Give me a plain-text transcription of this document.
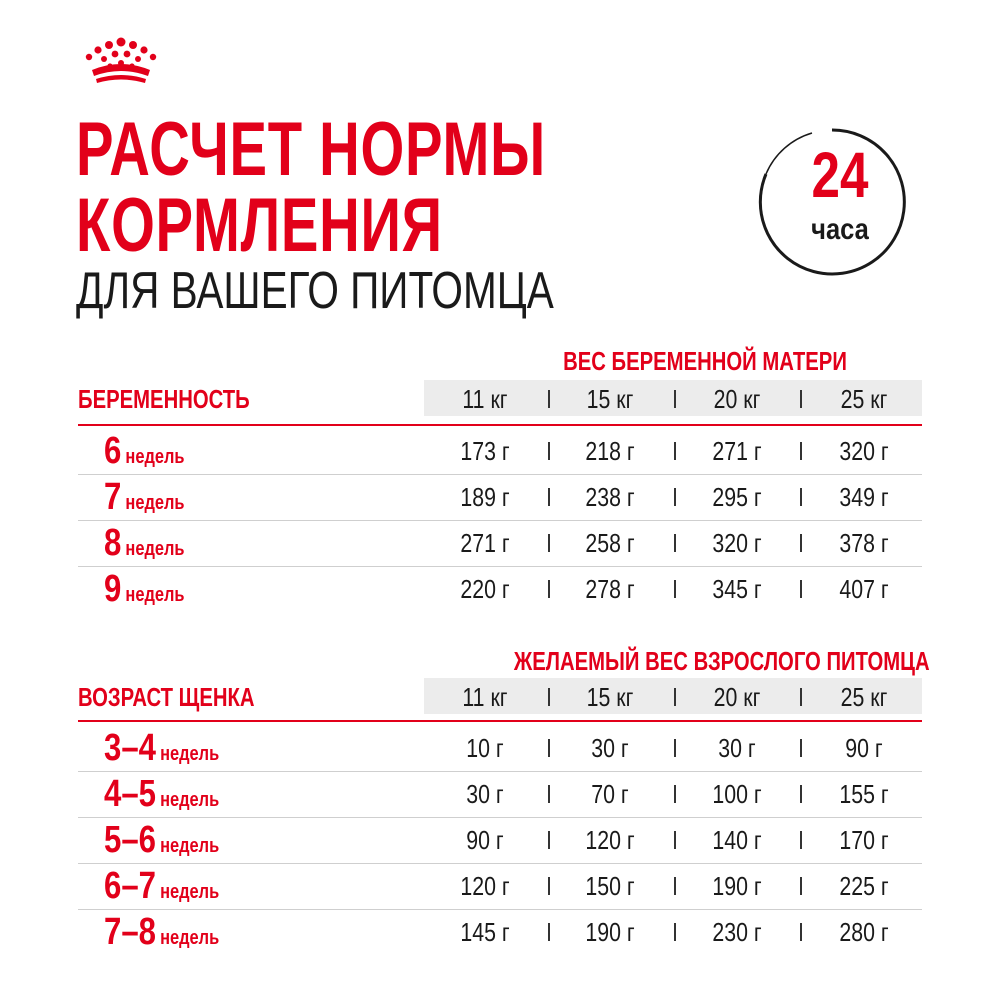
РАСЧЕТ НОРМЫ
КОРМЛЕНИЯ
ДЛЯ ВАШЕГО ПИТОМЦА
24
часа
ВЕС БЕРЕМЕННОЙ МАТЕРИ
БЕРЕМЕННОСТЬ	11 кг	15 кг	20 кг	25 кг
6 недель	173 г	218 г	271 г	320 г
7 недель	189 г	238 г	295 г	349 г
8 недель	271 г	258 г	320 г	378 г
9 недель	220 г	278 г	345 г	407 г
ЖЕЛАЕМЫЙ ВЕС ВЗРОСЛОГО ПИТОМЦА
ВОЗРАСТ ЩЕНКА	11 кг	15 кг	20 кг	25 кг
3–4 недель	10 г	30 г	30 г	90 г
4–5 недель	30 г	70 г	100 г	155 г
5–6 недель	90 г	120 г	140 г	170 г
6–7 недель	120 г	150 г	190 г	225 г
7–8 недель	145 г	190 г	230 г	280 г
